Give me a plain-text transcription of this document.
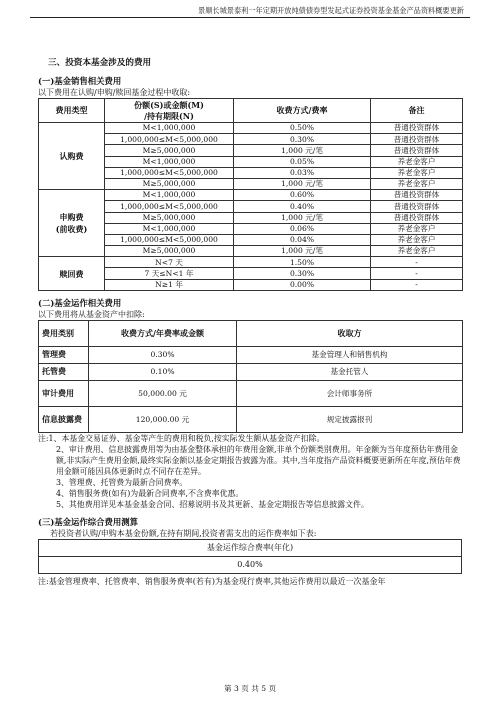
景顺长城景泰利一年定期开放纯债债券型发起式证券投资基金基金产品资料概要更新
三、投资本基金涉及的费用
(一)基金销售相关费用
以下费用在认购/申购/赎回基金过程中收取:
费用类型	份额(S)或金额(M)
/持有期限(N)	收费方式/费率	备注
认购费	M<1,000,000	0.50%	普通投资群体
	1,000,000≤M<5,000,000	0.30%	普通投资群体
	M≥5,000,000	1,000 元/笔	普通投资群体
	M<1,000,000	0.05%	养老金客户
	1,000,000≤M<5,000,000	0.03%	养老金客户
	M≥5,000,000	1,000 元/笔	养老金客户

申购费
(前收费)	M<1,000,000	0.60%	普通投资群体
	1,000,000≤M<5,000,000	0.40%	普通投资群体
	M≥5,000,000	1,000 元/笔	普通投资群体
	M<1,000,000	0.06%	养老金客户
	1,000,000≤M<5,000,000	0.04%	养老金客户
	M≥5,000,000	1,000 元/笔	养老金客户
赎回费	N<7 天	1.50%	-
	7 天≤N<1 年	0.30%	-
	N≥1 年	0.00%	-
(二)基金运作相关费用
以下费用将从基金资产中扣除:
费用类别	收费方式/年费率或金额	收取方
管理费	0.30%	基金管理人和销售机构
托管费	0.10%	基金托管人
审计费用	50,000.00 元	会计师事务所
信息披露费	120,000.00 元	规定披露报刊
注:1、本基金交易证券、基金等产生的费用和税负,按实际发生额从基金资产扣除。
2、审计费用、信息披露费用等为由基金整体承担的年费用金额,非单个份额类别费用。年金额为当年度预估年费用金额,非实际产生费用金额,最终实际金额以基金定期报告披露为准。其中,当年度指产品资料概要更新所在年度,预估年费用金额可能因具体更新时点不同存在差异。
3、管理费、托管费为最新合同费率。
4、销售服务费(如有)为最新合同费率,不含费率优惠。
5、其他费用详见本基金基金合同、招募说明书及其更新、基金定期报告等信息披露文件。
(三)基金运作综合费用测算
若投资者认购/申购本基金份额,在持有期间,投资者需支出的运作费率如下表:
基金运作综合费率(年化)
0.40%
注:基金管理费率、托管费率、销售服务费率(若有)为基金现行费率,其他运作费用以最近一次基金年
第 3 页 共 5 页
